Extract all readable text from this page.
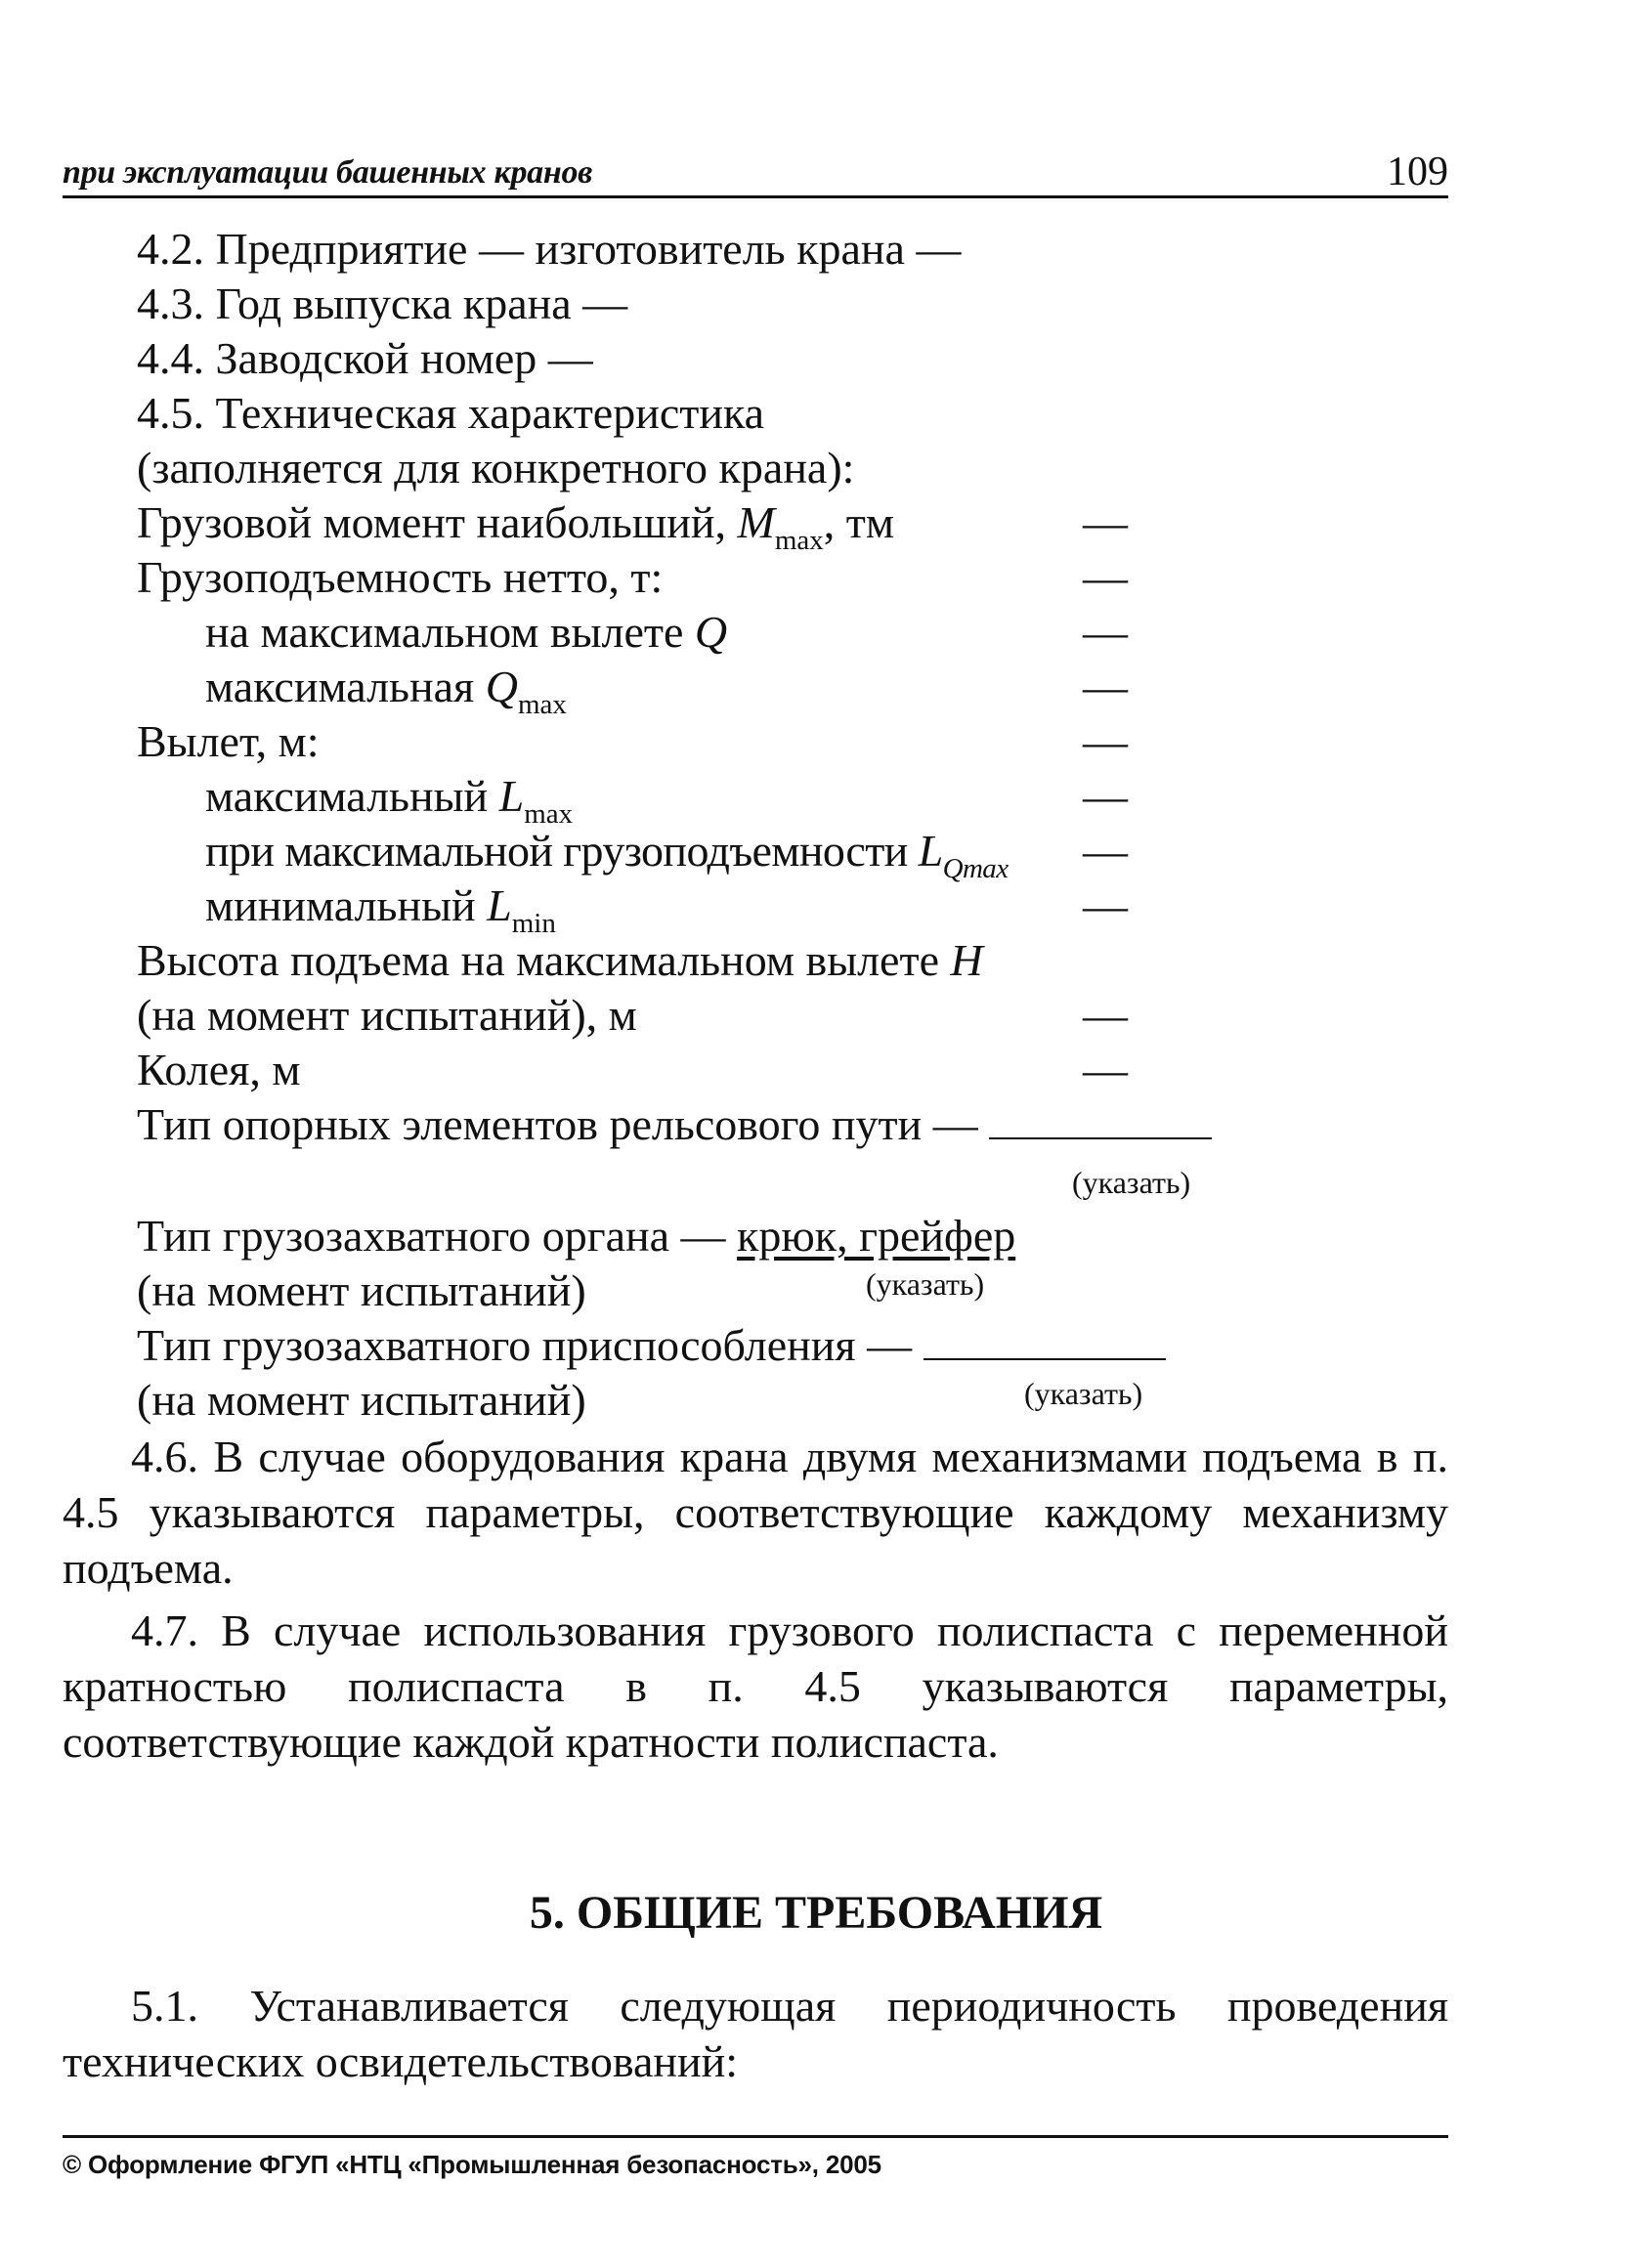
при эксплуатации башенных кранов	109
4.2. Предприятие — изготовитель крана —
4.3. Год выпуска крана —
4.4. Заводской номер —
4.5. Техническая характеристика
(заполняется для конкретного крана):
Грузовой момент наибольший, $M_{max}$, тм	—
Грузоподъемность нетто, т:	—
на максимальном вылете Q	—
максимальная $Q_{max}$	—
Вылет, м:	—
максимальный $L_{max}$	—
при максимальной грузоподъемности $L_{Qmax}$ —
минимальный $L_{min}$	—
Высота подъема на максимальном вылете H
(на момент испытаний), м	—
Колея, м	—
Тип опорных элементов рельсового пути —
(указать)
Тип грузозахватного органа — крюк, грейфер
(на момент испытаний)	(указать)
Тип грузозахватного приспособления —
(на момент испытаний)	(указать)

4.6. В случае оборудования крана двумя механизмами подъема в п. 4.5 указываются параметры, соответствующие каждому механизму подъема.

4.7. В случае использования грузового полиспаста с переменной кратностью полиспаста в п. 4.5 указываются параметры, соответствующие каждой кратности полиспаста.

5. ОБЩИЕ ТРЕБОВАНИЯ

5.1. Устанавливается следующая периодичность проведения технических освидетельствований:

© Оформление ФГУП «НТЦ «Промышленная безопасность», 2005
